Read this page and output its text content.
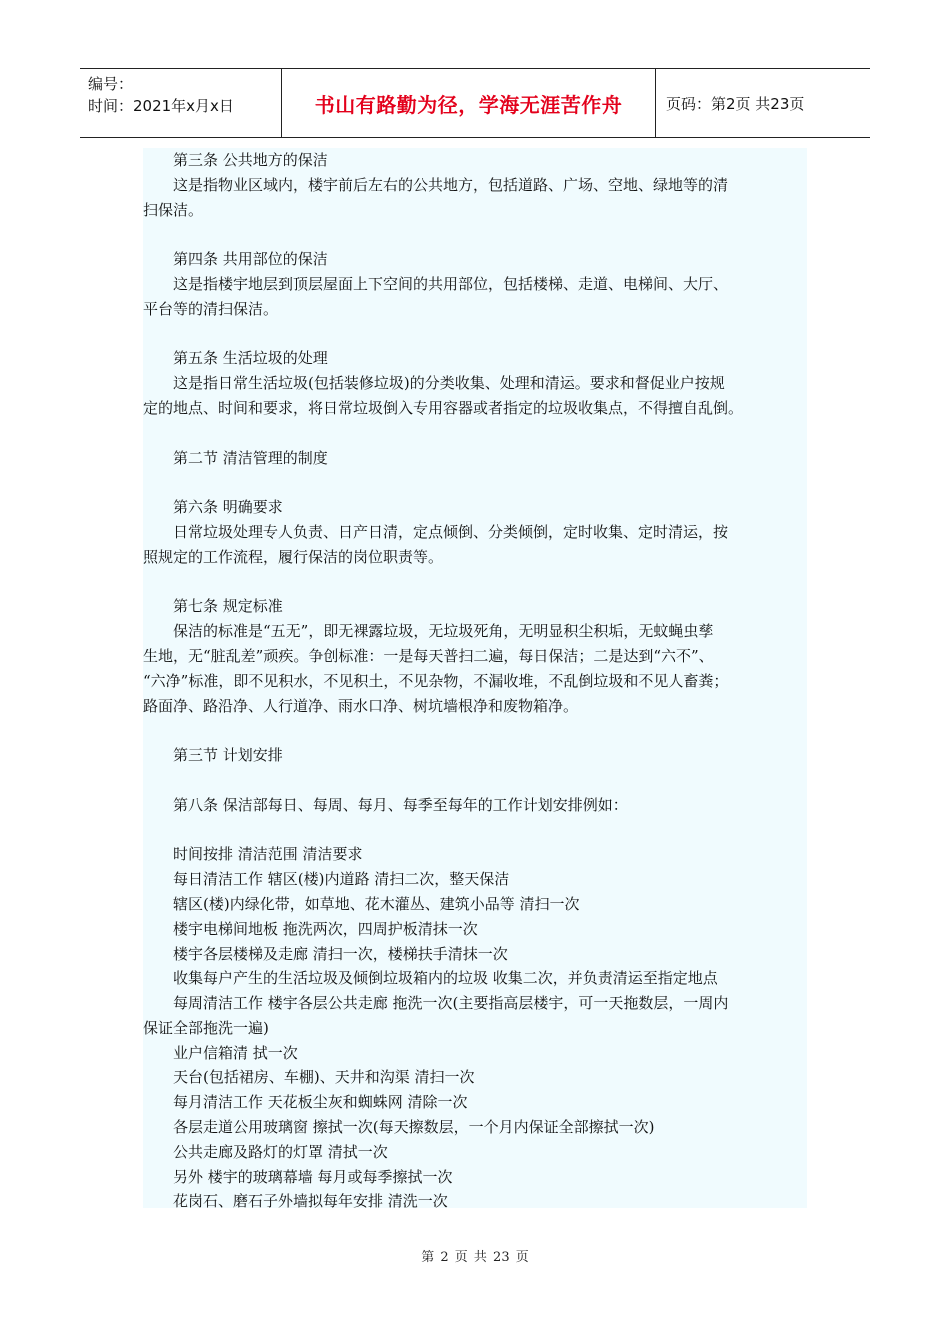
编号：
时间：2021年x月x日	书山有路勤为径，学海无涯苦作舟	页码：第2页 共23页
　　第三条 公共地方的保洁
　　这是指物业区域内，楼宇前后左右的公共地方，包括道路、广场、空地、绿地等的清
扫保洁。
　　第四条 共用部位的保洁
　　这是指楼宇地层到顶层屋面上下空间的共用部位，包括楼梯、走道、电梯间、大厅、
平台等的清扫保洁。
　　第五条 生活垃圾的处理
　　这是指日常生活垃圾(包括装修垃圾)的分类收集、处理和清运。要求和督促业户按规
定的地点、时间和要求，将日常垃圾倒入专用容器或者指定的垃圾收集点，不得擅自乱倒。
　　第二节 清洁管理的制度
　　第六条 明确要求
　　日常垃圾处理专人负责、日产日清，定点倾倒、分类倾倒，定时收集、定时清运，按
照规定的工作流程，履行保洁的岗位职责等。
　　第七条 规定标准
　　保洁的标准是“五无”，即无裸露垃圾，无垃圾死角，无明显积尘积垢，无蚊蝇虫孳
生地，无“脏乱差”顽疾。争创标准：一是每天普扫二遍，每日保洁；二是达到“六不”、
“六净”标准，即不见积水，不见积土，不见杂物，不漏收堆，不乱倒垃圾和不见人畜粪；
路面净、路沿净、人行道净、雨水口净、树坑墙根净和废物箱净。
　　第三节 计划安排
　　第八条 保洁部每日、每周、每月、每季至每年的工作计划安排例如：
　　时间按排 清洁范围 清洁要求
　　每日清洁工作 辖区(楼)内道路 清扫二次，整天保洁
　　辖区(楼)内绿化带，如草地、花木灌丛、建筑小品等 清扫一次
　　楼宇电梯间地板 拖洗两次，四周护板清抹一次
　　楼宇各层楼梯及走廊 清扫一次，楼梯扶手清抹一次
　　收集每户产生的生活垃圾及倾倒垃圾箱内的垃圾 收集二次，并负责清运至指定地点
　　每周清洁工作 楼宇各层公共走廊 拖洗一次(主要指高层楼宇，可一天拖数层，一周内
保证全部拖洗一遍)
　　业户信箱清 拭一次
　　天台(包括裙房、车棚)、天井和沟渠 清扫一次
　　每月清洁工作 天花板尘灰和蜘蛛网 清除一次
　　各层走道公用玻璃窗 擦拭一次(每天擦数层，一个月内保证全部擦拭一次)
　　公共走廊及路灯的灯罩 清拭一次
　　另外 楼宇的玻璃幕墙 每月或每季擦拭一次
　　花岗石、磨石子外墙拟每年安排 清洗一次
第 2 页 共 23 页
